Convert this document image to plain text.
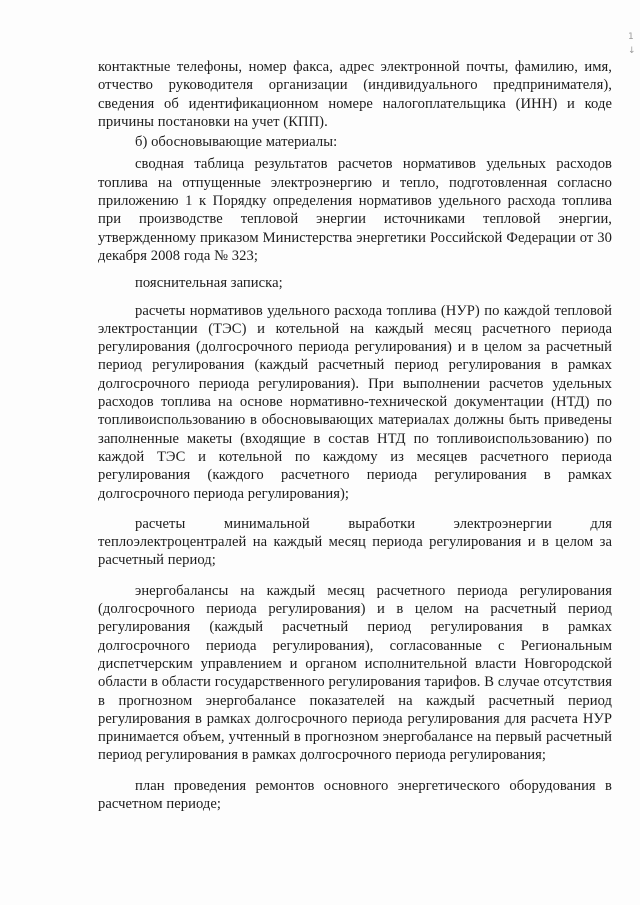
1
↓

контактные телефоны, номер факса, адрес электронной почты, фамилию, имя, отчество руководителя организации (индивидуального предпринимателя), сведения об идентификационном номере налогоплательщика (ИНН) и коде причины постановки на учет (КПП).

б) обосновывающие материалы:

сводная таблица результатов расчетов нормативов удельных расходов топлива на отпущенные электроэнергию и тепло, подготовленная согласно приложению 1 к Порядку определения нормативов удельного расхода топлива при производстве тепловой энергии источниками тепловой энергии, утвержденному приказом Министерства энергетики Российской Федерации от 30 декабря 2008 года № 323;

пояснительная записка;

расчеты нормативов удельного расхода топлива (НУР) по каждой тепловой электростанции (ТЭС) и котельной на каждый месяц расчетного периода регулирования (долгосрочного периода регулирования) и в целом за расчетный период регулирования (каждый расчетный период регулирования в рамках долгосрочного периода регулирования). При выполнении расчетов удельных расходов топлива на основе нормативно-технической документации (НТД) по топливоиспользованию в обосновывающих материалах должны быть приведены заполненные макеты (входящие в состав НТД по топливоиспользованию) по каждой ТЭС и котельной по каждому из месяцев расчетного периода регулирования (каждого расчетного периода регулирования в рамках долгосрочного периода регулирования);

расчеты минимальной выработки электроэнергии для теплоэлектроцентралей на каждый месяц периода регулирования и в целом за расчетный период;

энергобалансы на каждый месяц расчетного периода регулирования (долгосрочного периода регулирования) и в целом на расчетный период регулирования (каждый расчетный период регулирования в рамках долгосрочного периода регулирования), согласованные с Региональным диспетчерским управлением и органом исполнительной власти Новгородской области в области государственного регулирования тарифов. В случае отсутствия в прогнозном энергобалансе показателей на каждый расчетный период регулирования в рамках долгосрочного периода регулирования для расчета НУР принимается объем, учтенный в прогнозном энергобалансе на первый расчетный период регулирования в рамках долгосрочного периода регулирования;

план проведения ремонтов основного энергетического оборудования в расчетном периоде;
